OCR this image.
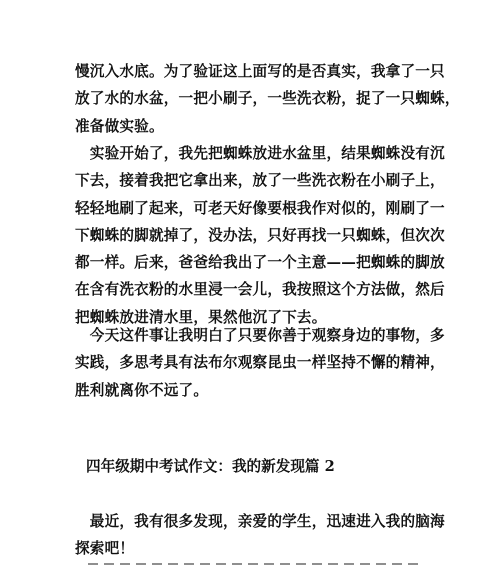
慢沉入水底。为了验证这上面写的是否真实，我拿了一只
放了水的水盆，一把小刷子，一些洗衣粉，捉了一只蜘蛛，
准备做实验。
　实验开始了，我先把蜘蛛放进水盆里，结果蜘蛛没有沉
下去，接着我把它拿出来，放了一些洗衣粉在小刷子上，
轻轻地刷了起来，可老天好像要根我作对似的，刚刷了一
下蜘蛛的脚就掉了，没办法，只好再找一只蜘蛛，但次次
都一样。后来，爸爸给我出了一个主意——把蜘蛛的脚放
在含有洗衣粉的水里浸一会儿，我按照这个方法做，然后
把蜘蛛放进清水里，果然他沉了下去。
　今天这件事让我明白了只要你善于观察身边的事物，多
实践，多思考具有法布尔观察昆虫一样坚持不懈的精神，
胜利就离你不远了。
四年级期中考试作文：我的新发现篇 2
　最近，我有很多发现，亲爱的学生，迅速进入我的脑海
探索吧！
